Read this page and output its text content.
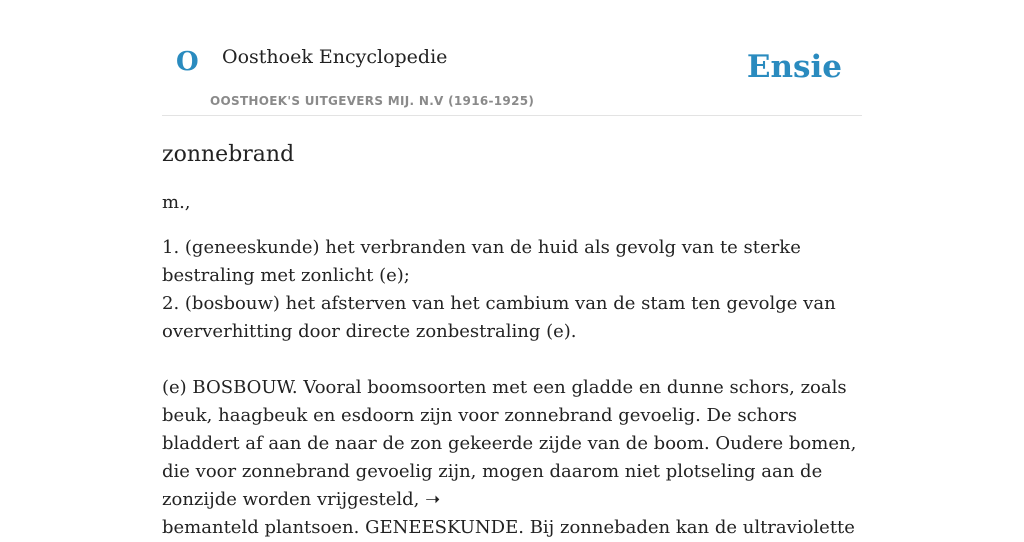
O Oosthoek Encyclopedie
OOSTHOEK'S UITGEVERS MIJ. N.V (1916-1925)
Ensie
zonnebrand
m.,

1. (geneeskunde) het verbranden van de huid als gevolg van te sterke bestraling met zonlicht (e);

2. (bosbouw) het afsterven van het cambium van de stam ten gevolge van oververhitting door directe zonbestraling (e).

(e) BOSBOUW. Vooral boomsoorten met een gladde en dunne schors, zoals beuk, haagbeuk en esdoorn zijn voor zonnebrand gevoelig. De schors bladdert af aan de naar de zon gekeerde zijde van de boom. Oudere bomen, die voor zonnebrand gevoelig zijn, mogen daarom niet plotseling aan de zonzijde worden vrijgesteld, ➝
bemanteld plantsoen. GENEESKUNDE. Bij zonnebaden kan de ultraviolette
